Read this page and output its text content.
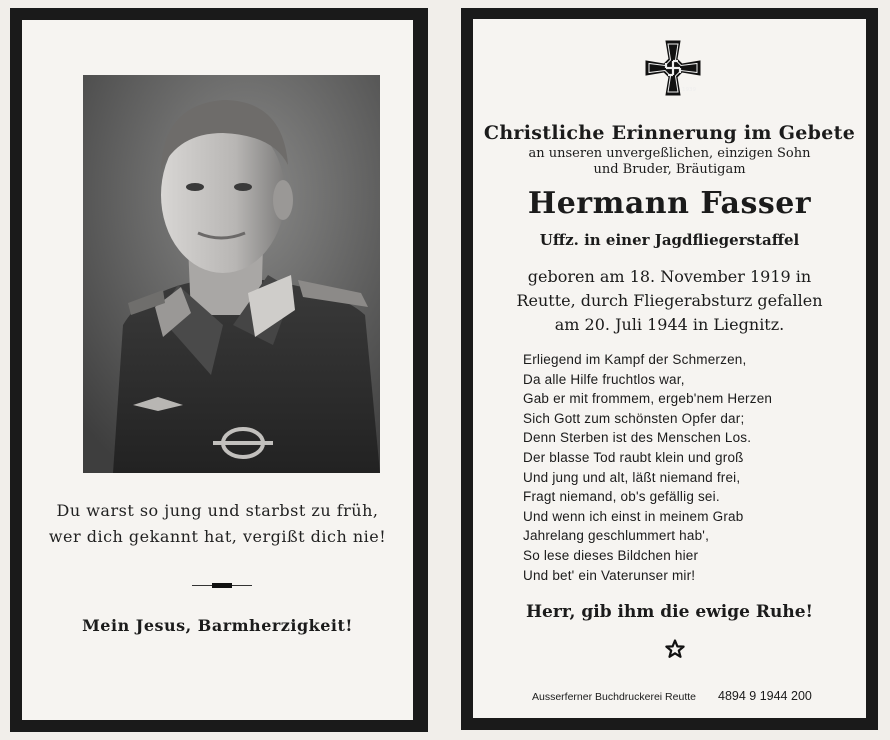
Du warst so jung und starbst zu früh,
wer dich gekannt hat, vergißt dich nie!
Mein Jesus, Barmherzigkeit!
1939
Christliche Erinnerung im Gebete
an unseren unvergeßlichen, einzigen Sohn
und Bruder, Bräutigam
Hermann Fasser
Uffz. in einer Jagdfliegerstaffel
geboren am 18. November 1919 in
Reutte, durch Fliegerabsturz gefallen
am 20. Juli 1944 in Liegnitz.
Erliegend im Kampf der Schmerzen,
Da alle Hilfe fruchtlos war,
Gab er mit frommem, ergeb'nem Herzen
Sich Gott zum schönsten Opfer dar;
Denn Sterben ist des Menschen Los.
Der blasse Tod raubt klein und groß
Und jung und alt, läßt niemand frei,
Fragt niemand, ob's gefällig sei.
Und wenn ich einst in meinem Grab
Jahrelang geschlummert hab',
So lese dieses Bildchen hier
Und bet' ein Vaterunser mir!
Herr, gib ihm die ewige Ruhe!
Ausserferner Buchdruckerei Reutte 4894 9 1944 200
